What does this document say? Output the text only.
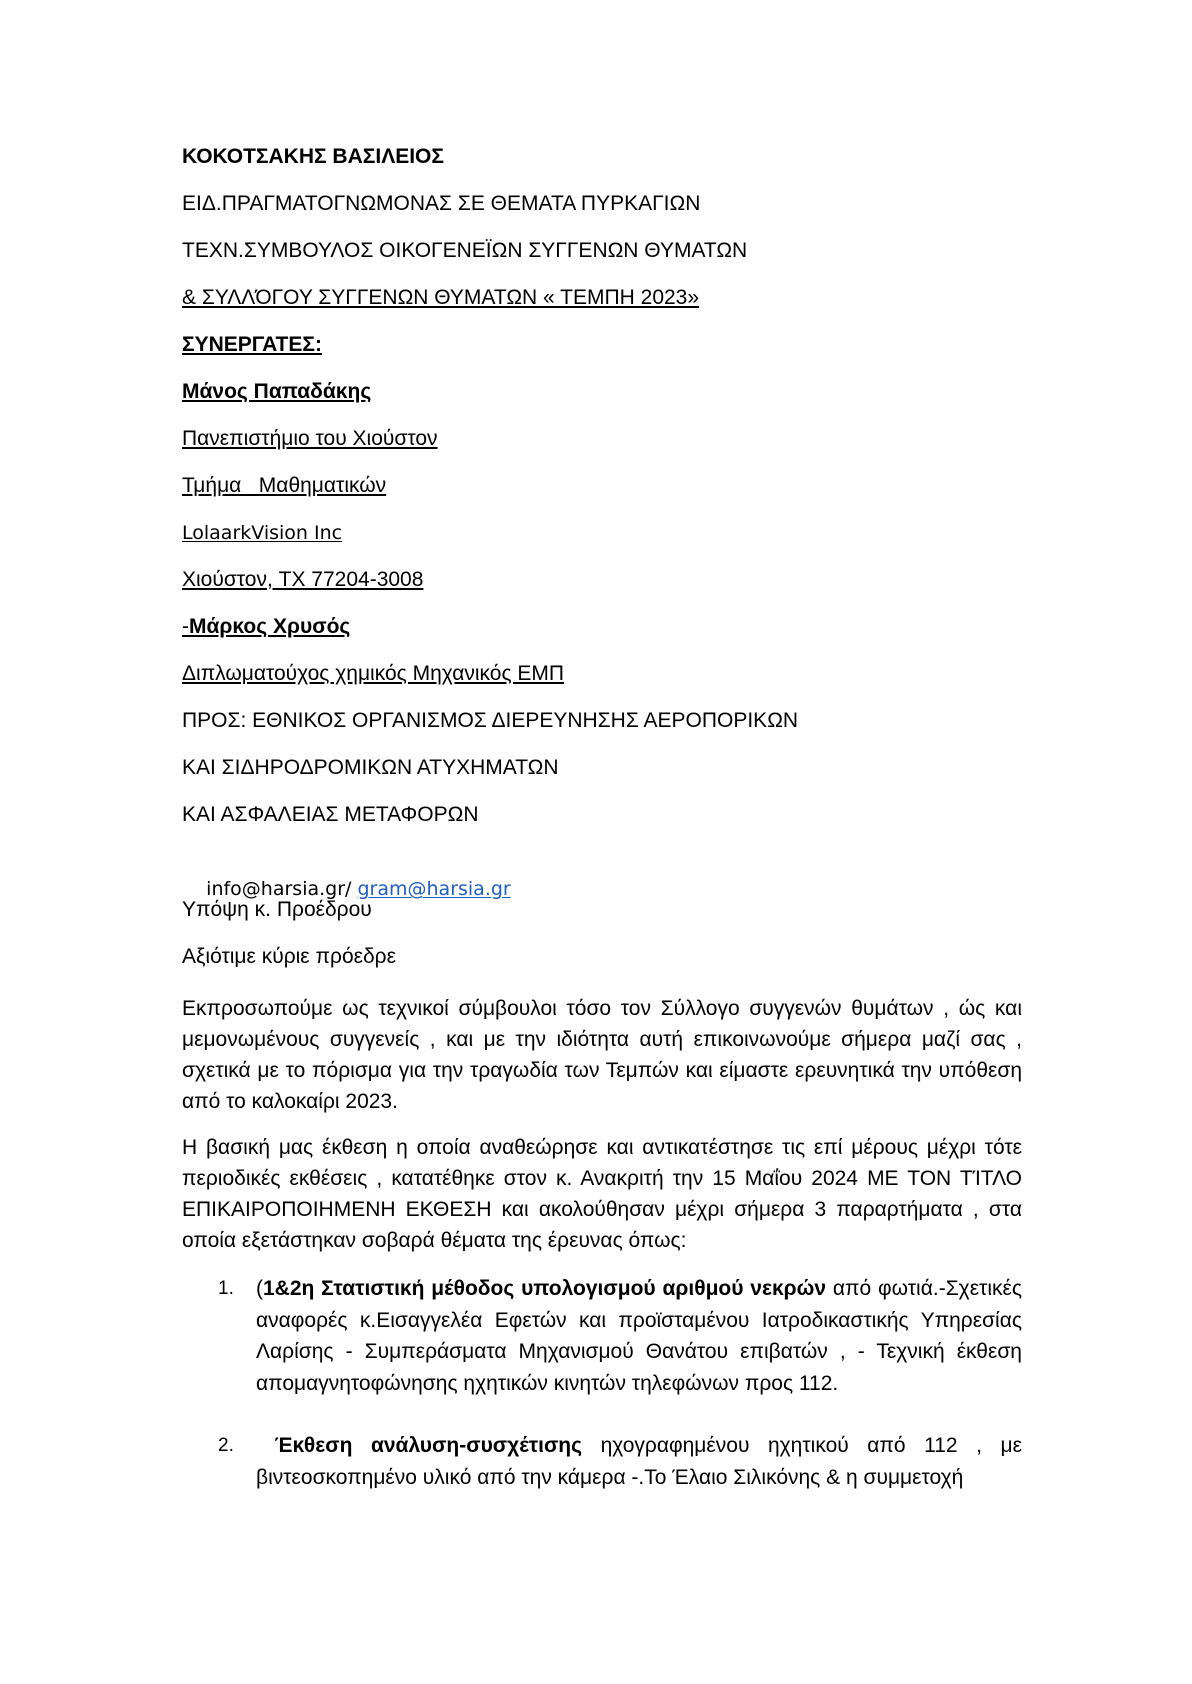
ΚΟΚΟΤΣΑΚΗΣ ΒΑΣΙΛΕΙΟΣ
ΕΙΔ.ΠΡΑΓΜΑΤΟΓΝΩΜΟΝΑΣ ΣΕ ΘΕΜΑΤΑ ΠΥΡΚΑΓΙΩΝ
ΤΕΧΝ.ΣΥΜΒΟΥΛΟΣ ΟΙΚΟΓΕΝΕΪΩΝ ΣΥΓΓΕΝΩΝ ΘΥΜΑΤΩΝ
& ΣΥΛΛΌΓΟΥ ΣΥΓΓΕΝΩΝ ΘΥΜΑΤΩΝ « ΤΕΜΠΗ 2023»
ΣΥΝΕΡΓΑΤΕΣ:
Μάνος Παπαδάκης
Πανεπιστήμιο του Χιούστον
Τμήμα   Μαθηματικών
LolaarkVision Inc
Χιούστον, TX 77204-3008
-Μάρκος Χρυσός
Διπλωματούχος χημικός Μηχανικός ΕΜΠ
ΠΡΟΣ: ΕΘΝΙΚΟΣ ΟΡΓΑΝΙΣΜΟΣ ΔΙΕΡΕΥΝΗΣΗΣ ΑΕΡΟΠΟΡΙΚΩΝ
ΚΑΙ ΣΙΔΗΡΟΔΡΟΜΙΚΩΝ ΑΤΥΧΗΜΑΤΩΝ
ΚΑΙ ΑΣΦΑΛΕΙΑΣ ΜΕΤΑΦΟΡΩΝ

info@harsia.gr/ gram@harsia.gr

Υπόψη κ. Προέδρου
Αξιότιμε κύριε πρόεδρε
Εκπροσωπούμε ως τεχνικοί σύμβουλοι τόσο τον Σύλλογο συγγενών θυμάτων , ώς και μεμονωμένους συγγενείς , και με την ιδιότητα αυτή επικοινωνούμε σήμερα μαζί σας , σχετικά με το πόρισμα για την τραγωδία των Τεμπών και είμαστε ερευνητικά την υπόθεση από το καλοκαίρι 2023.
Η βασική μας έκθεση η οποία αναθεώρησε και αντικατέστησε τις επί μέρους μέχρι τότε περιοδικές εκθέσεις , κατατέθηκε στον κ. Ανακριτή την 15 Μαΐου 2024 ΜΕ ΤΟΝ ΤΊΤΛΟ ΕΠΙΚΑΙΡΟΠΟΙΗΜΕΝΗ ΕΚΘΕΣΗ και ακολούθησαν μέχρι σήμερα 3 παραρτήματα , στα οποία εξετάστηκαν σοβαρά θέματα της έρευνας όπως:
1. (1&2η Στατιστική μέθοδος υπολογισμού αριθμού νεκρών από φωτιά.-Σχετικές αναφορές κ.Εισαγγελέα Εφετών και προϊσταμένου Ιατροδικαστικής Υπηρεσίας Λαρίσης - Συμπεράσματα Μηχανισμού Θανάτου επιβατών , - Τεχνική έκθεση απομαγνητοφώνησης ηχητικών κινητών τηλεφώνων προς 112.
2.	Έκθεση ανάλυση-συσχέτισης ηχογραφημένου ηχητικού από 112 , με βιντεοσκοπημένο υλικό από την κάμερα -.Το Έλαιο Σιλικόνης & η συμμετοχή
